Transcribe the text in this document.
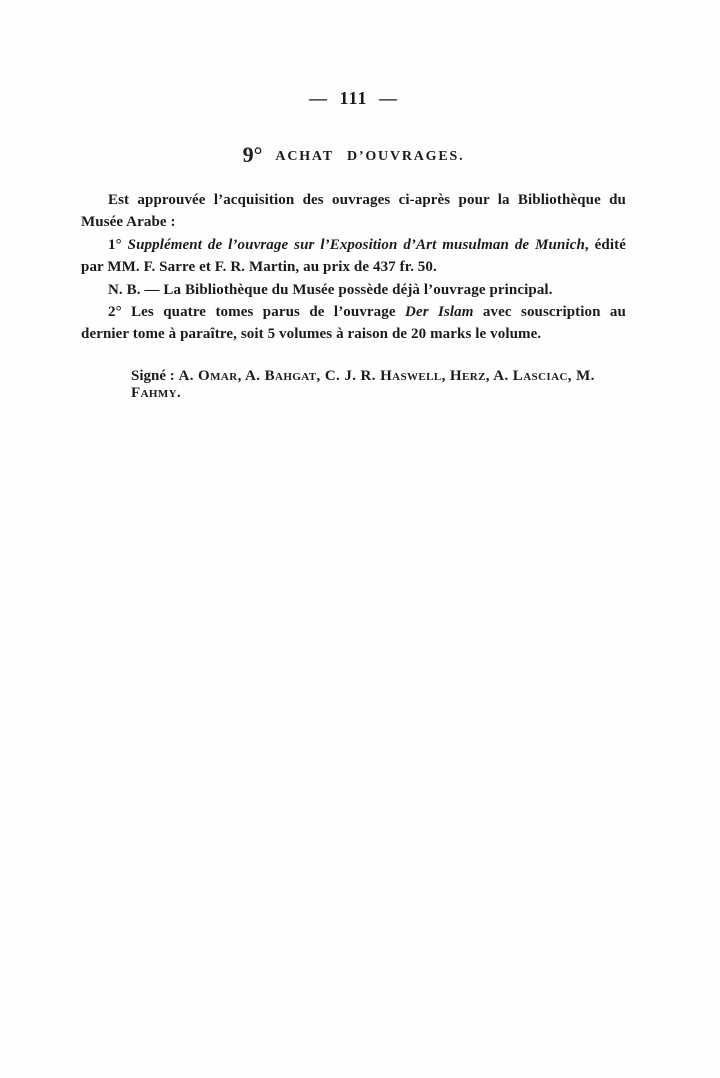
— 111 —
9° ACHAT D’OUVRAGES.
Est approuvée l’acquisition des ouvrages ci-après pour la Bibliothèque du
Musée Arabe :
1° Supplément de l’ouvrage sur l’Exposition d’Art musulman de Munich, édité
par MM. F. Sarre et F. R. Martin, au prix de 437 fr. 50.
N. B. — La Bibliothèque du Musée possède déjà l’ouvrage principal.
2° Les quatre tomes parus de l’ouvrage Der Islam avec souscription au
dernier tome à paraître, soit 5 volumes à raison de 20 marks le volume.
Signé : A. Omar, A. Bahgat, C. J. R. Haswell, Herz, A. Lasciac, M. Fahmy.
